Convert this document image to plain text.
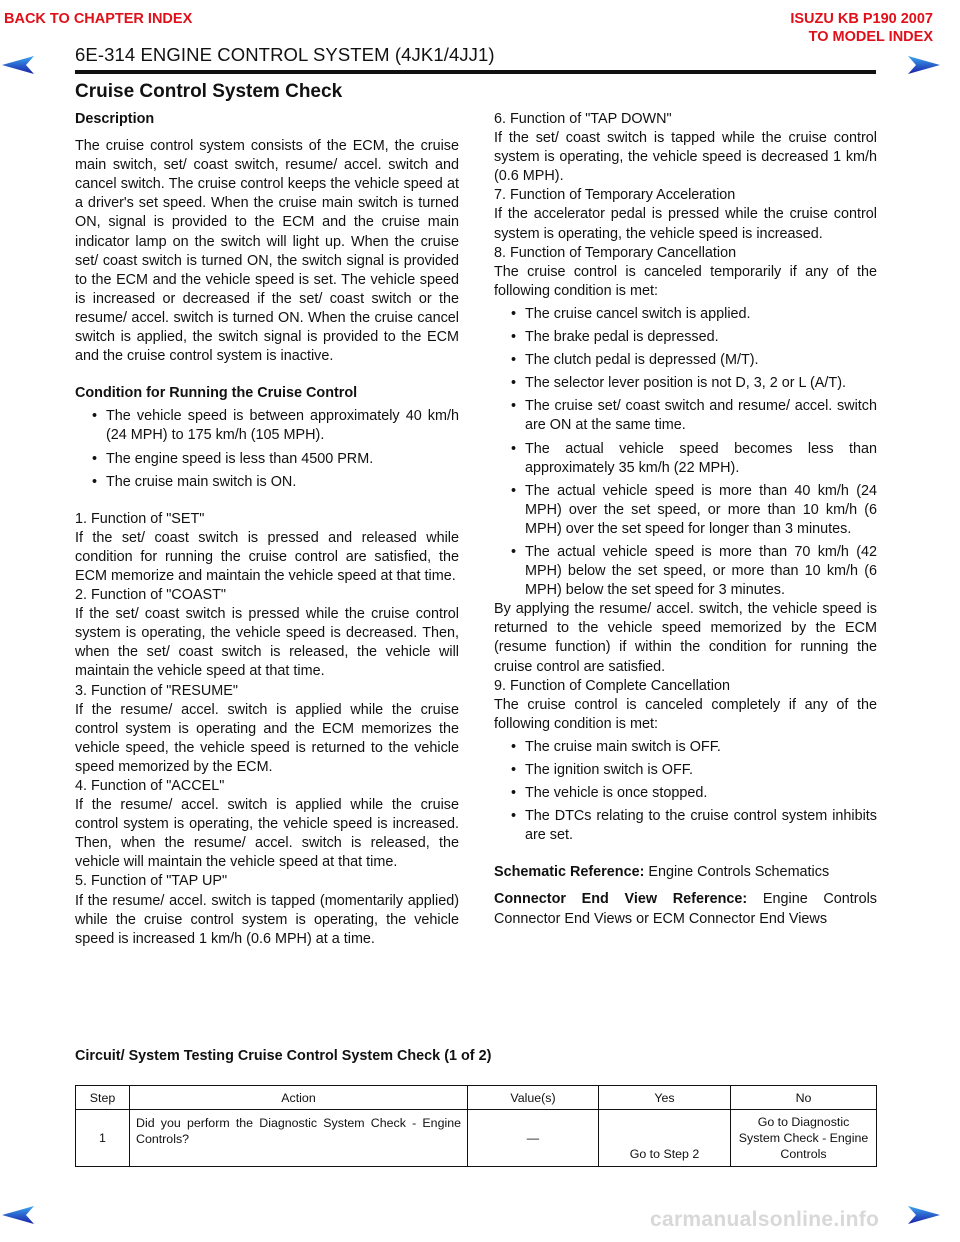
BACK TO CHAPTER INDEX	ISUZU KB P190 2007
TO MODEL INDEX
6E-314 ENGINE CONTROL SYSTEM (4JK1/4JJ1)
Cruise Control System Check

Description

The cruise control system consists of the ECM, the cruise main switch, set/ coast switch, resume/ accel. switch and cancel switch. The cruise control keeps the vehicle speed at a driver's set speed. When the cruise main switch is turned ON, signal is provided to the ECM and the cruise main indicator lamp on the switch will light up. When the cruise set/ coast switch is turned ON, the switch signal is provided to the ECM and the vehicle speed is set. The vehicle speed is increased or decreased if the set/ coast switch or the resume/ accel. switch is turned ON. When the cruise cancel switch is applied, the switch signal is provided to the ECM and the cruise control system is inactive.

Condition for Running the Cruise Control

• The vehicle speed is between approximately 40 km/h (24 MPH) to 175 km/h (105 MPH).
• The engine speed is less than 4500 PRM.
• The cruise main switch is ON.

1. Function of "SET"

If the set/ coast switch is pressed and released while condition for running the cruise control are satisfied, the ECM memorize and maintain the vehicle speed at that time.

2. Function of "COAST"

If the set/ coast switch is pressed while the cruise control system is operating, the vehicle speed is decreased. Then, when the set/ coast switch is released, the vehicle will maintain the vehicle speed at that time.

3. Function of "RESUME"

If the resume/ accel. switch is applied while the cruise control system is operating and the ECM memorizes the vehicle speed, the vehicle speed is returned to the vehicle speed memorized by the ECM.

4. Function of "ACCEL"

If the resume/ accel. switch is applied while the cruise control system is operating, the vehicle speed is increased. Then, when the resume/ accel. switch is released, the vehicle will maintain the vehicle speed at that time.

5. Function of "TAP UP"

If the resume/ accel. switch is tapped (momentarily applied) while the cruise control system is operating, the vehicle speed is increased 1 km/h (0.6 MPH) at a time.

6. Function of "TAP DOWN"

If the set/ coast switch is tapped while the cruise control system is operating, the vehicle speed is decreased 1 km/h (0.6 MPH).

7. Function of Temporary Acceleration

If the accelerator pedal is pressed while the cruise control system is operating, the vehicle speed is increased.

8. Function of Temporary Cancellation

The cruise control is canceled temporarily if any of the following condition is met:

• The cruise cancel switch is applied.
• The brake pedal is depressed.
• The clutch pedal is depressed (M/T).
• The selector lever position is not D, 3, 2 or L (A/T).
• The cruise set/ coast switch and resume/ accel. switch are ON at the same time.
• The actual vehicle speed becomes less than approximately 35 km/h (22 MPH).
• The actual vehicle speed is more than 40 km/h (24 MPH) over the set speed, or more than 10 km/h (6 MPH) over the set speed for longer than 3 minutes.
• The actual vehicle speed is more than 70 km/h (42 MPH) below the set speed, or more than 10 km/h (6 MPH) below the set speed for 3 minutes.

By applying the resume/ accel. switch, the vehicle speed is returned to the vehicle speed memorized by the ECM (resume function) if within the condition for running the cruise control are satisfied.

9. Function of Complete Cancellation

The cruise control is canceled completely if any of the following condition is met:

• The cruise main switch is OFF.
• The ignition switch is OFF.
• The vehicle is once stopped.
• The DTCs relating to the cruise control system inhibits are set.

Schematic Reference: Engine Controls Schematics

Connector End View Reference: Engine Controls Connector End Views or ECM Connector End Views

Circuit/ System Testing Cruise Control System Check (1 of 2)
Step	Action	Value(s)	Yes	No
1	Did you perform the Diagnostic System Check - Engine Controls?	—	Go to Step 2	Go to Diagnostic System Check - Engine Controls
carmanualsonline.info
